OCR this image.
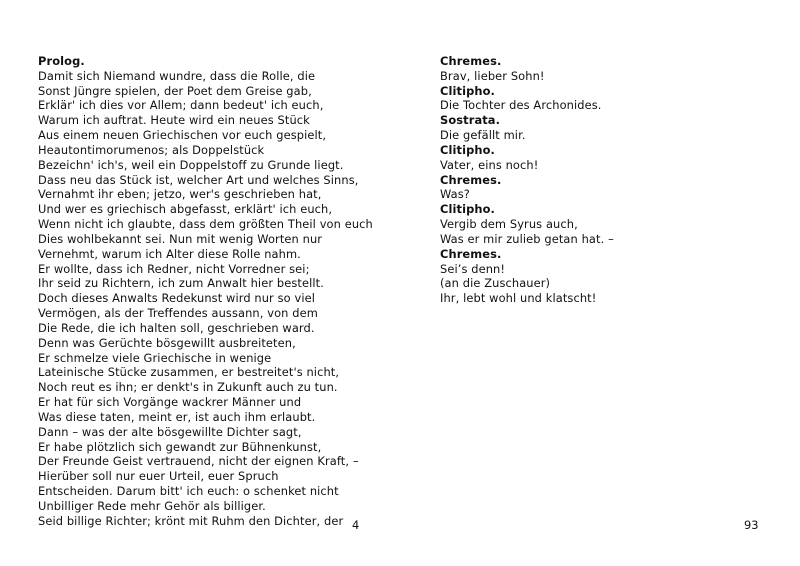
Prolog.
Damit sich Niemand wundre, dass die Rolle, die
Sonst Jüngre spielen, der Poet dem Greise gab,
Erklär' ich dies vor Allem; dann bedeut' ich euch,
Warum ich auftrat. Heute wird ein neues Stück
Aus einem neuen Griechischen vor euch gespielt,
Heautontimorumenos; als Doppelstück
Bezeichn' ich's, weil ein Doppelstoff zu Grunde liegt.
Dass neu das Stück ist, welcher Art und welches Sinns,
Vernahmt ihr eben; jetzo, wer's geschrieben hat,
Und wer es griechisch abgefasst, erklärt' ich euch,
Wenn nicht ich glaubte, dass dem größten Theil von euch
Dies wohlbekannt sei. Nun mit wenig Worten nur
Vernehmt, warum ich Alter diese Rolle nahm.
Er wollte, dass ich Redner, nicht Vorredner sei;
Ihr seid zu Richtern, ich zum Anwalt hier bestellt.
Doch dieses Anwalts Redekunst wird nur so viel
Vermögen, als der Treffendes aussann, von dem
Die Rede, die ich halten soll, geschrieben ward.
Denn was Gerüchte bösgewillt ausbreiteten,
Er schmelze viele Griechische in wenige
Lateinische Stücke zusammen, er bestreitet's nicht,
Noch reut es ihn; er denkt's in Zukunft auch zu tun.
Er hat für sich Vorgänge wackrer Männer und
Was diese taten, meint er, ist auch ihm erlaubt.
Dann – was der alte bösgewillte Dichter sagt,
Er habe plötzlich sich gewandt zur Bühnenkunst,
Der Freunde Geist vertrauend, nicht der eignen Kraft, –
Hierüber soll nur euer Urteil, euer Spruch
Entscheiden. Darum bitt' ich euch: o schenket nicht
Unbilliger Rede mehr Gehör als billiger.
Seid billige Richter; krönt mit Ruhm den Dichter, der
Chremes.
Brav, lieber Sohn!
Clitipho.
Die Tochter des Archonides.
Sostrata.
Die gefällt mir.
Clitipho.
Vater, eins noch!
Chremes.
Was?
Clitipho.
Vergib dem Syrus auch,
Was er mir zulieb getan hat. –
Chremes.
Sei’s denn!
(an die Zuschauer)
Ihr, lebt wohl und klatscht!
4	93
